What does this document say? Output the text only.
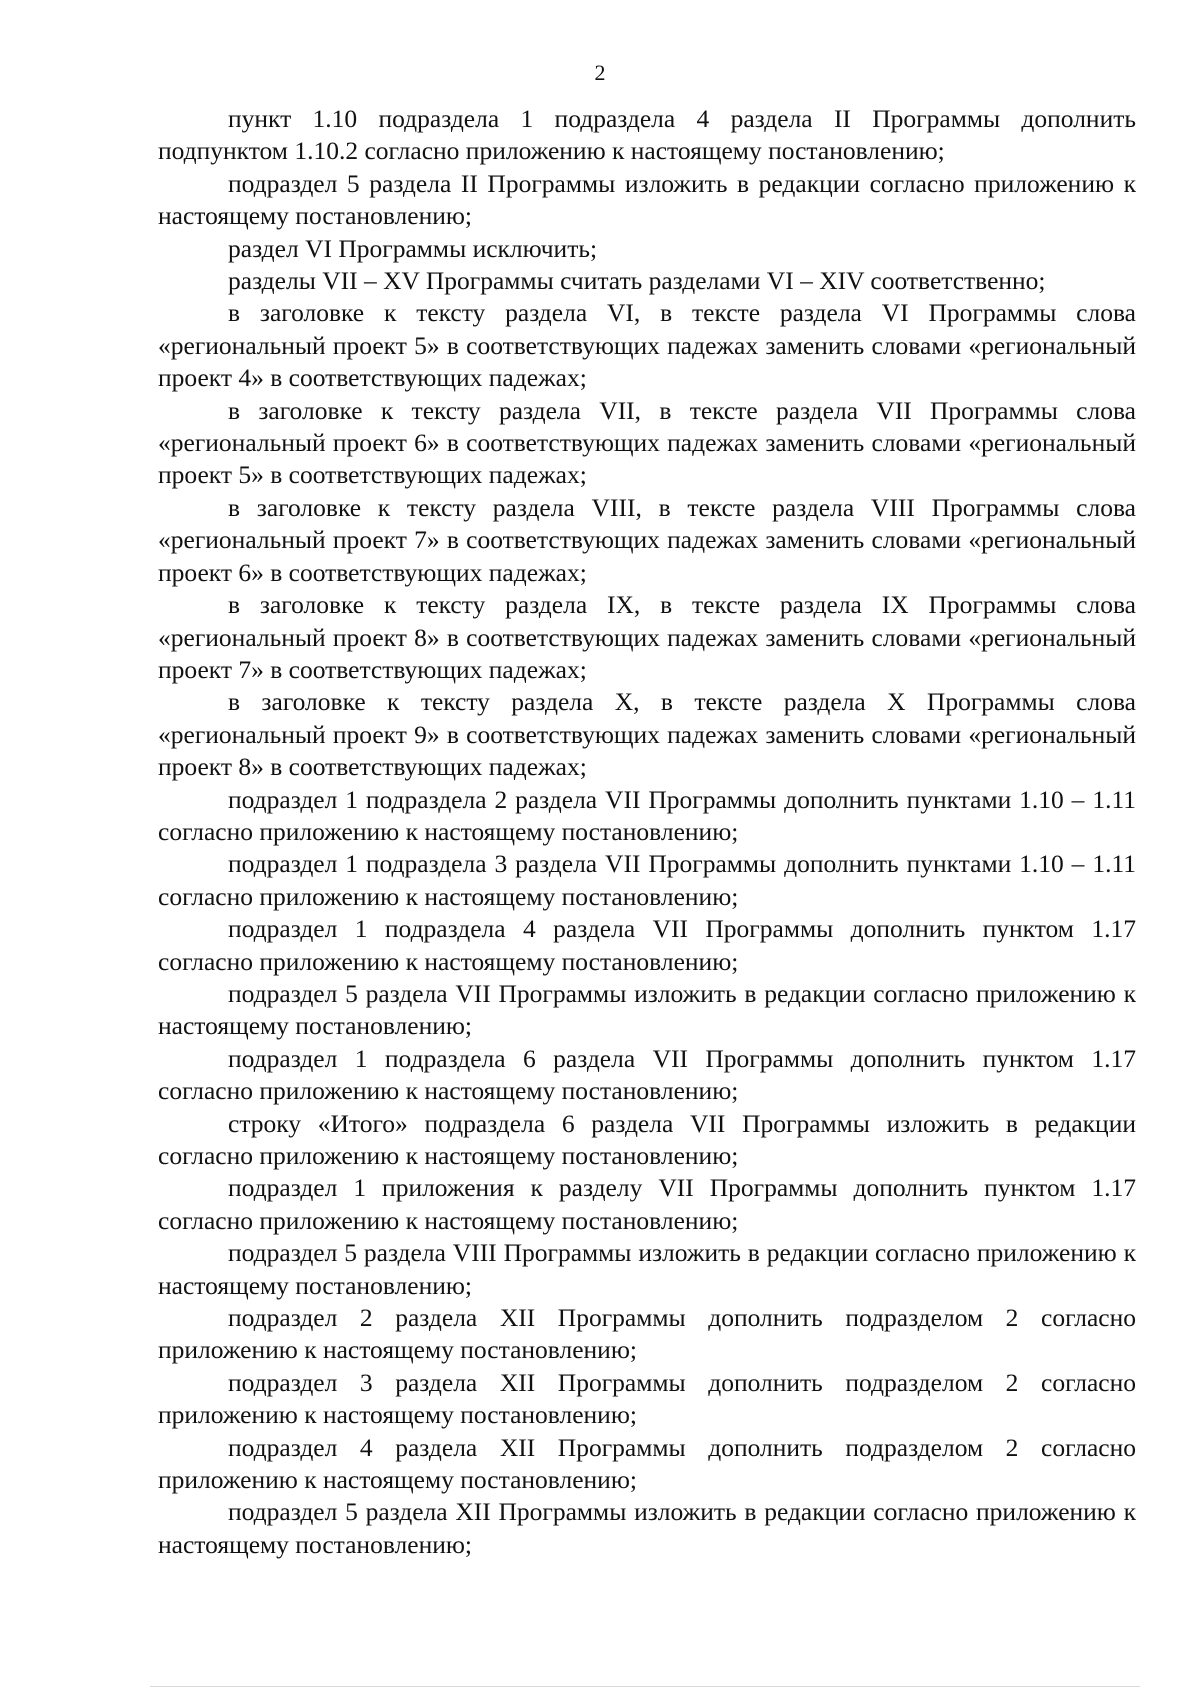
2

пункт 1.10 подраздела 1 подраздела 4 раздела II Программы дополнить подпунктом 1.10.2 согласно приложению к настоящему постановлению;

подраздел 5 раздела II Программы изложить в редакции согласно приложению к настоящему постановлению;

раздел VI Программы исключить;

разделы VII – XV Программы считать разделами VI – XIV соответственно;

в заголовке к тексту раздела VI, в тексте раздела VI Программы слова «региональный проект 5» в соответствующих падежах заменить словами «региональный проект 4» в соответствующих падежах;

в заголовке к тексту раздела VII, в тексте раздела VII Программы слова «региональный проект 6» в соответствующих падежах заменить словами «региональный проект 5» в соответствующих падежах;

в заголовке к тексту раздела VIII, в тексте раздела VIII Программы слова «региональный проект 7» в соответствующих падежах заменить словами «региональный проект 6» в соответствующих падежах;

в заголовке к тексту раздела IX, в тексте раздела IX Программы слова «региональный проект 8» в соответствующих падежах заменить словами «региональный проект 7» в соответствующих падежах;

в заголовке к тексту раздела X, в тексте раздела X Программы слова «региональный проект 9» в соответствующих падежах заменить словами «региональный проект 8» в соответствующих падежах;

подраздел 1 подраздела 2 раздела VII Программы дополнить пунктами 1.10 – 1.11 согласно приложению к настоящему постановлению;

подраздел 1 подраздела 3 раздела VII Программы дополнить пунктами 1.10 – 1.11 согласно приложению к настоящему постановлению;

подраздел 1 подраздела 4 раздела VII Программы дополнить пунктом 1.17 согласно приложению к настоящему постановлению;

подраздел 5 раздела VII Программы изложить в редакции согласно приложению к настоящему постановлению;

подраздел 1 подраздела 6 раздела VII Программы дополнить пунктом 1.17 согласно приложению к настоящему постановлению;

строку «Итого» подраздела 6 раздела VII Программы изложить в редакции согласно приложению к настоящему постановлению;

подраздел 1 приложения к разделу VII Программы дополнить пунктом 1.17 согласно приложению к настоящему постановлению;

подраздел 5 раздела VIII Программы изложить в редакции согласно приложению к настоящему постановлению;

подраздел 2 раздела XII Программы дополнить подразделом 2 согласно приложению к настоящему постановлению;

подраздел 3 раздела XII Программы дополнить подразделом 2 согласно приложению к настоящему постановлению;

подраздел 4 раздела XII Программы дополнить подразделом 2 согласно приложению к настоящему постановлению;

подраздел 5 раздела XII Программы изложить в редакции согласно приложению к настоящему постановлению;
